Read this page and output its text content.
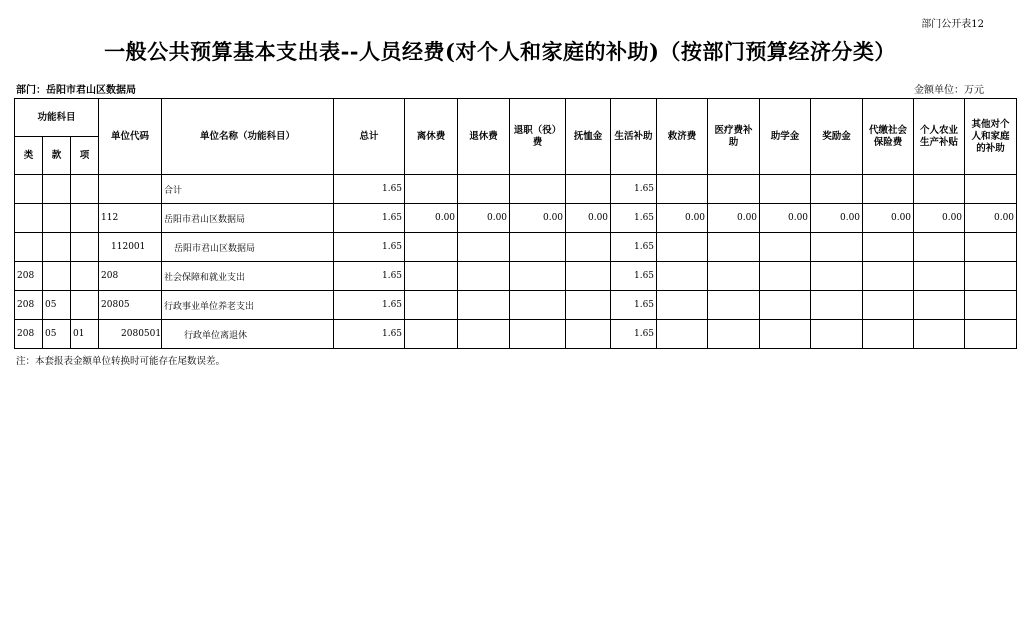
部门公开表12
一般公共预算基本支出表--人员经费(对个人和家庭的补助)（按部门预算经济分类）
部门：岳阳市君山区数据局	金额单位：万元
功能科目			单位代码	单位名称（功能科目）	总计	离休费	退休费	退职（役）费	抚恤金	生活补助	救济费	医疗费补助	助学金	奖励金	代缴社会保险费	个人农业生产补贴	其他对个人和家庭的补助
类	款	项															
				合计	1.65					1.65							
			112	岳阳市君山区数据局	1.65	0.00	0.00	0.00	0.00	1.65	0.00	0.00	0.00	0.00	0.00	0.00	0.00
			112001	岳阳市君山区数据局	1.65					1.65							
208			208	社会保障和就业支出	1.65					1.65							
208	05		20805	行政事业单位养老支出	1.65					1.65							
208	05	01	2080501	行政单位离退休	1.65					1.65							
注：本套报表金额单位转换时可能存在尾数误差。
